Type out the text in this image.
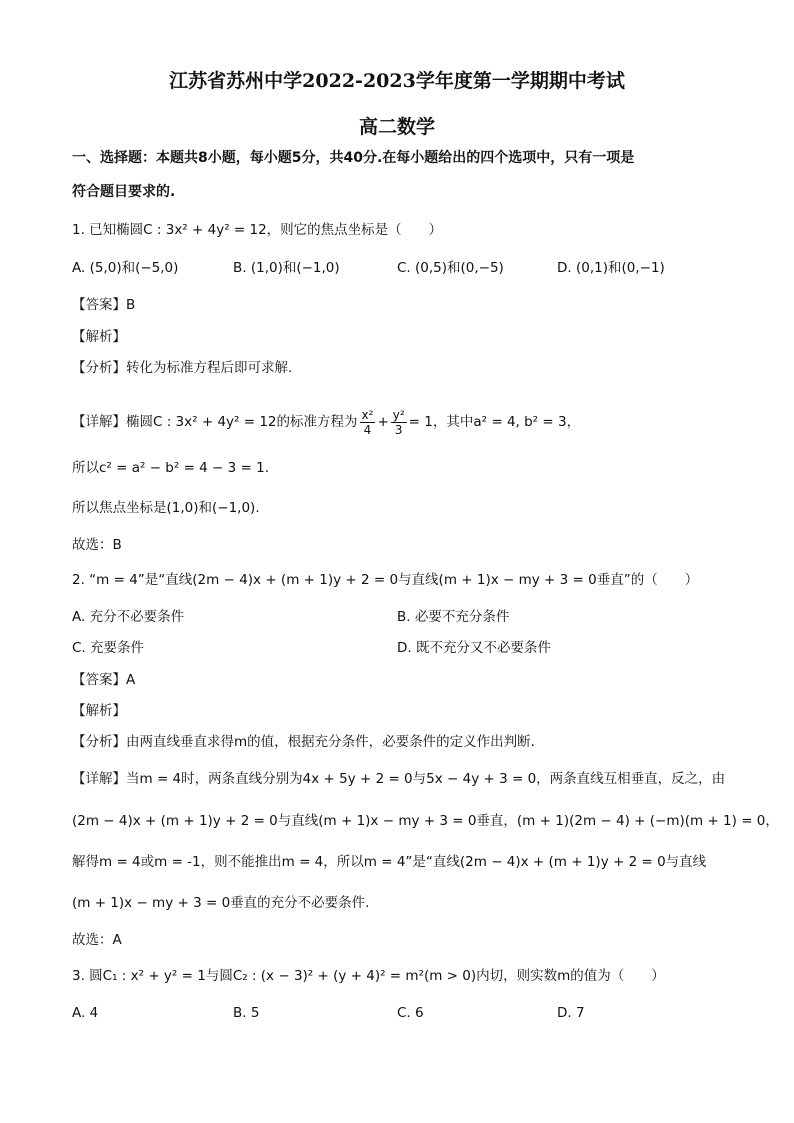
江苏省苏州中学2022-2023学年度第一学期期中考试
高二数学
一、选择题：本题共8小题，每小题5分，共40分.在每小题给出的四个选项中，只有一项是
符合题目要求的.
1. 已知椭圆C : 3x² + 4y² = 12，则它的焦点坐标是（　　）
A. (5,0)和(−5,0)	B. (1,0)和(−1,0)	C. (0,5)和(0,−5)	D. (0,1)和(0,−1)
【答案】B
【解析】
【分析】转化为标准方程后即可求解.
【详解】椭圆C : 3x² + 4y² = 12的标准方程为 $\frac{\text{x²}}{4} + \frac{\text{y²}}{3} = 1$，其中a² = 4, b² = 3，
所以c² = a² − b² = 4 − 3 = 1.
所以焦点坐标是(1,0)和(−1,0).
故选：B
2. “m = 4”是“直线(2m − 4)x + (m + 1)y + 2 = 0与直线(m + 1)x − my + 3 = 0垂直”的（　　）
A. 充分不必要条件	B. 必要不充分条件
C. 充要条件	D. 既不充分又不必要条件
【答案】A
【解析】
【分析】由两直线垂直求得m的值，根据充分条件，必要条件的定义作出判断.
【详解】当m = 4时，两条直线分别为4x + 5y + 2 = 0与5x − 4y + 3 = 0，两条直线互相垂直，反之，由
(2m − 4)x + (m + 1)y + 2 = 0与直线(m + 1)x − my + 3 = 0垂直，(m + 1)(2m − 4) + (−m)(m + 1) = 0，
解得m = 4或m = -1，则不能推出m = 4，所以m = 4”是“直线(2m − 4)x + (m + 1)y + 2 = 0与直线
(m + 1)x − my + 3 = 0垂直的充分不必要条件.
故选：A
3. 圆C₁ : x² + y² = 1与圆C₂ : (x − 3)² + (y + 4)² = m²(m > 0)内切，则实数m的值为（　　）
A. 4	B. 5	C. 6	D. 7
